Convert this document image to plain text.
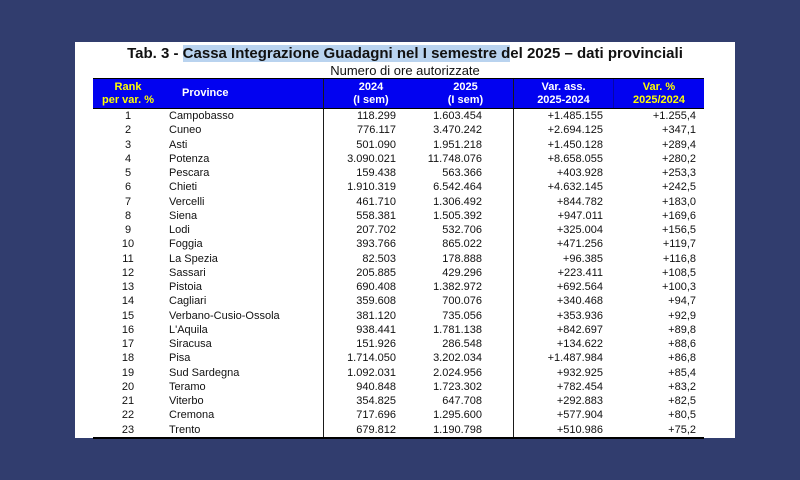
Tab. 3 - Cassa Integrazione Guadagni nel I semestre del 2025 – dati provinciali
Numero di ore autorizzate
Rank
per var. %
Province
2024
(I sem)
2025
(I sem)
Var. ass.
2025-2024
Var. %
2025/2024
1	Campobasso	118.299	1.603.454	+1.485.155	+1.255,4
2	Cuneo	776.117	3.470.242	+2.694.125	+347,1
3	Asti	501.090	1.951.218	+1.450.128	+289,4
4	Potenza	3.090.021	11.748.076	+8.658.055	+280,2
5	Pescara	159.438	563.366	+403.928	+253,3
6	Chieti	1.910.319	6.542.464	+4.632.145	+242,5
7	Vercelli	461.710	1.306.492	+844.782	+183,0
8	Siena	558.381	1.505.392	+947.011	+169,6
9	Lodi	207.702	532.706	+325.004	+156,5
10	Foggia	393.766	865.022	+471.256	+119,7
11	La Spezia	82.503	178.888	+96.385	+116,8
12	Sassari	205.885	429.296	+223.411	+108,5
13	Pistoia	690.408	1.382.972	+692.564	+100,3
14	Cagliari	359.608	700.076	+340.468	+94,7
15	Verbano-Cusio-Ossola	381.120	735.056	+353.936	+92,9
16	L'Aquila	938.441	1.781.138	+842.697	+89,8
17	Siracusa	151.926	286.548	+134.622	+88,6
18	Pisa	1.714.050	3.202.034	+1.487.984	+86,8
19	Sud Sardegna	1.092.031	2.024.956	+932.925	+85,4
20	Teramo	940.848	1.723.302	+782.454	+83,2
21	Viterbo	354.825	647.708	+292.883	+82,5
22	Cremona	717.696	1.295.600	+577.904	+80,5
23	Trento	679.812	1.190.798	+510.986	+75,2
